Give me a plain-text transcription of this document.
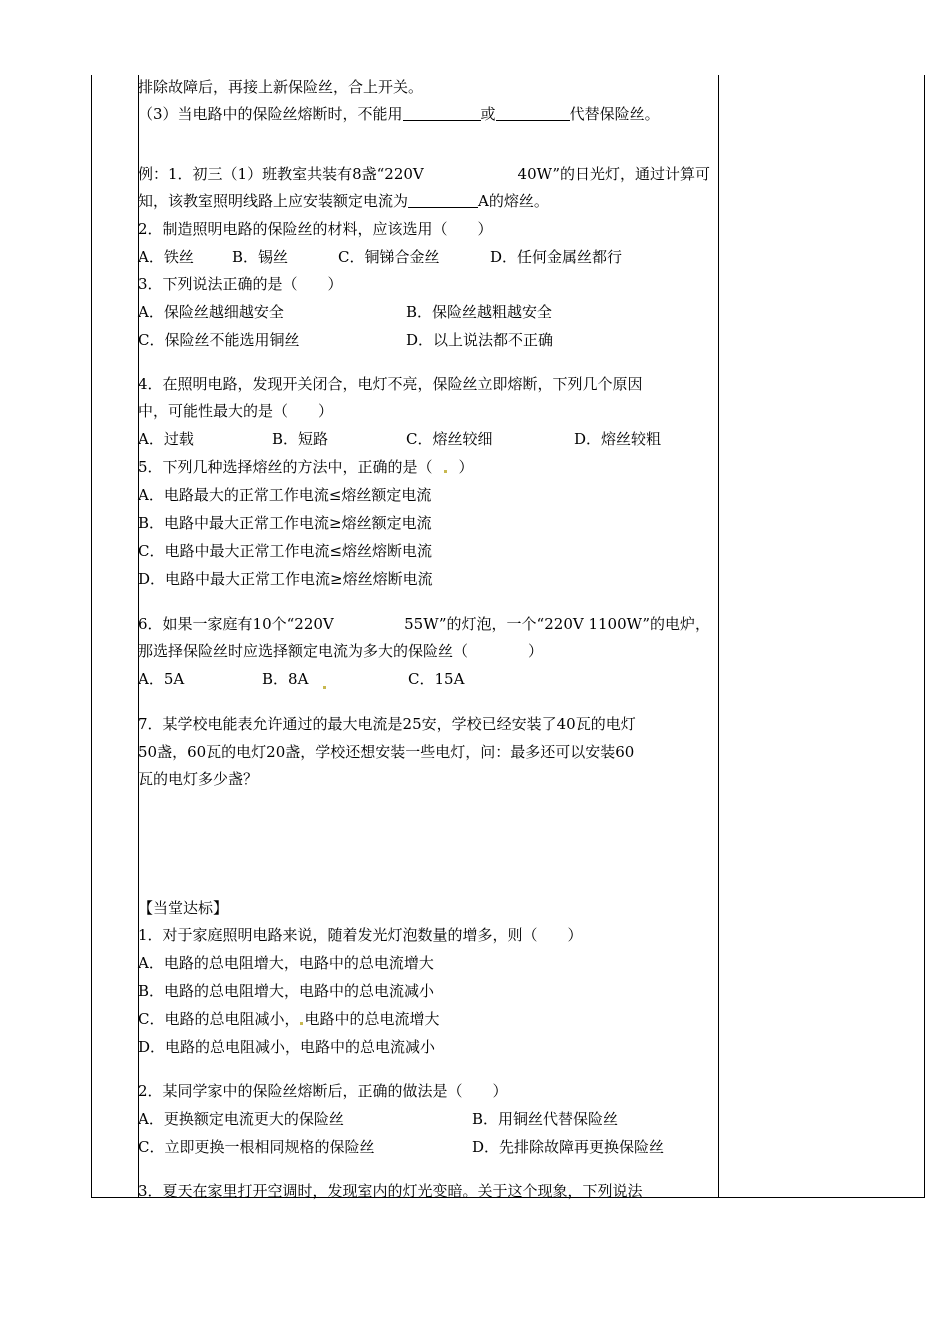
排除故障后，再接上新保险丝，合上开关。
（3）当电路中的保险丝熔断时，不能用	或	代替保险丝。
例：1．初三（1）班教室共装有8盏“220V	40W”的日光灯，通过计算可
知，该教室照明线路上应安装额定电流为	A的熔丝。
2．制造照明电路的保险丝的材料，应该选用（　　）
A．铁丝	B．锡丝	C．铜锑合金丝	D．任何金属丝都行
3．下列说法正确的是（　　）
A．保险丝越细越安全	B．保险丝越粗越安全
C．保险丝不能选用铜丝	D．以上说法都不正确
4．在照明电路，发现开关闭合，电灯不亮，保险丝立即熔断，下列几个原因
中，可能性最大的是（　　）
A．过载	B．短路	C．熔丝较细	D．熔丝较粗
5．下列几种选择熔丝的方法中，正确的是（ ）
A．电路最大的正常工作电流≤熔丝额定电流
B．电路中最大正常工作电流≥熔丝额定电流
C．电路中最大正常工作电流≤熔丝熔断电流
D．电路中最大正常工作电流≥熔丝熔断电流
6．如果一家庭有10个“220V	55W”的灯泡，一个“220V 1100W”的电炉，
那选择保险丝时应选择额定电流为多大的保险丝（　　　　）
A．5A	B．8A	C．15A
7．某学校电能表允许通过的最大电流是25安，学校已经安装了40瓦的电灯
50盏，60瓦的电灯20盏，学校还想安装一些电灯，问：最多还可以安装60
瓦的电灯多少盏？
【当堂达标】
1．对于家庭照明电路来说，随着发光灯泡数量的增多，则（　　）
A．电路的总电阻增大，电路中的总电流增大
B．电路的总电阻增大，电路中的总电流减小
C．电路的总电阻减小， 电路中的总电流增大
D．电路的总电阻减小，电路中的总电流减小
2．某同学家中的保险丝熔断后，正确的做法是（　　）
A．更换额定电流更大的保险丝	B．用铜丝代替保险丝
C．立即更换一根相同规格的保险丝	D．先排除故障再更换保险丝
3．夏天在家里打开空调时，发现室内的灯光变暗。关于这个现象，下列说法
